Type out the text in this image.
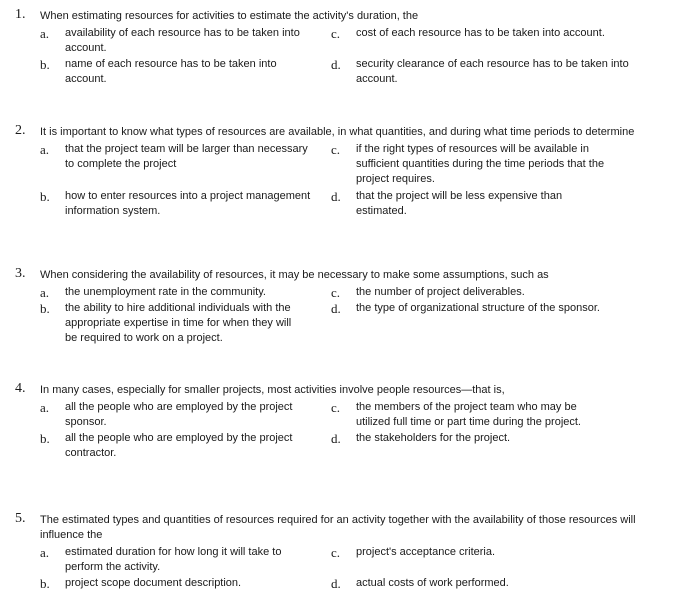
1. When estimating resources for activities to estimate the activity's duration, the
a. availability of each resource has to be taken into account.
c. cost of each resource has to be taken into account.
b. name of each resource has to be taken into account.
d. security clearance of each resource has to be taken into account.
2. It is important to know what types of resources are available, in what quantities, and during what time periods to determine
a. that the project team will be larger than necessary to complete the project
c. if the right types of resources will be available in sufficient quantities during the time periods that the project requires.
b. how to enter resources into a project management information system.
d. that the project will be less expensive than estimated.
3. When considering the availability of resources, it may be necessary to make some assumptions, such as
a. the unemployment rate in the community.	c. the number of project deliverables.
b. the ability to hire additional individuals with the appropriate expertise in time for when they will be required to work on a project.
d. the type of organizational structure of the sponsor.
4. In many cases, especially for smaller projects, most activities involve people resources—that is,
a. all the people who are employed by the project sponsor.
c. the members of the project team who may be utilized full time or part time during the project.
b. all the people who are employed by the project contractor.
d. the stakeholders for the project.
5. The estimated types and quantities of resources required for an activity together with the availability of those resources will influence the
a. estimated duration for how long it will take to perform the activity.
c. project's acceptance criteria.
b. project scope document description.	d. actual costs of work performed.
